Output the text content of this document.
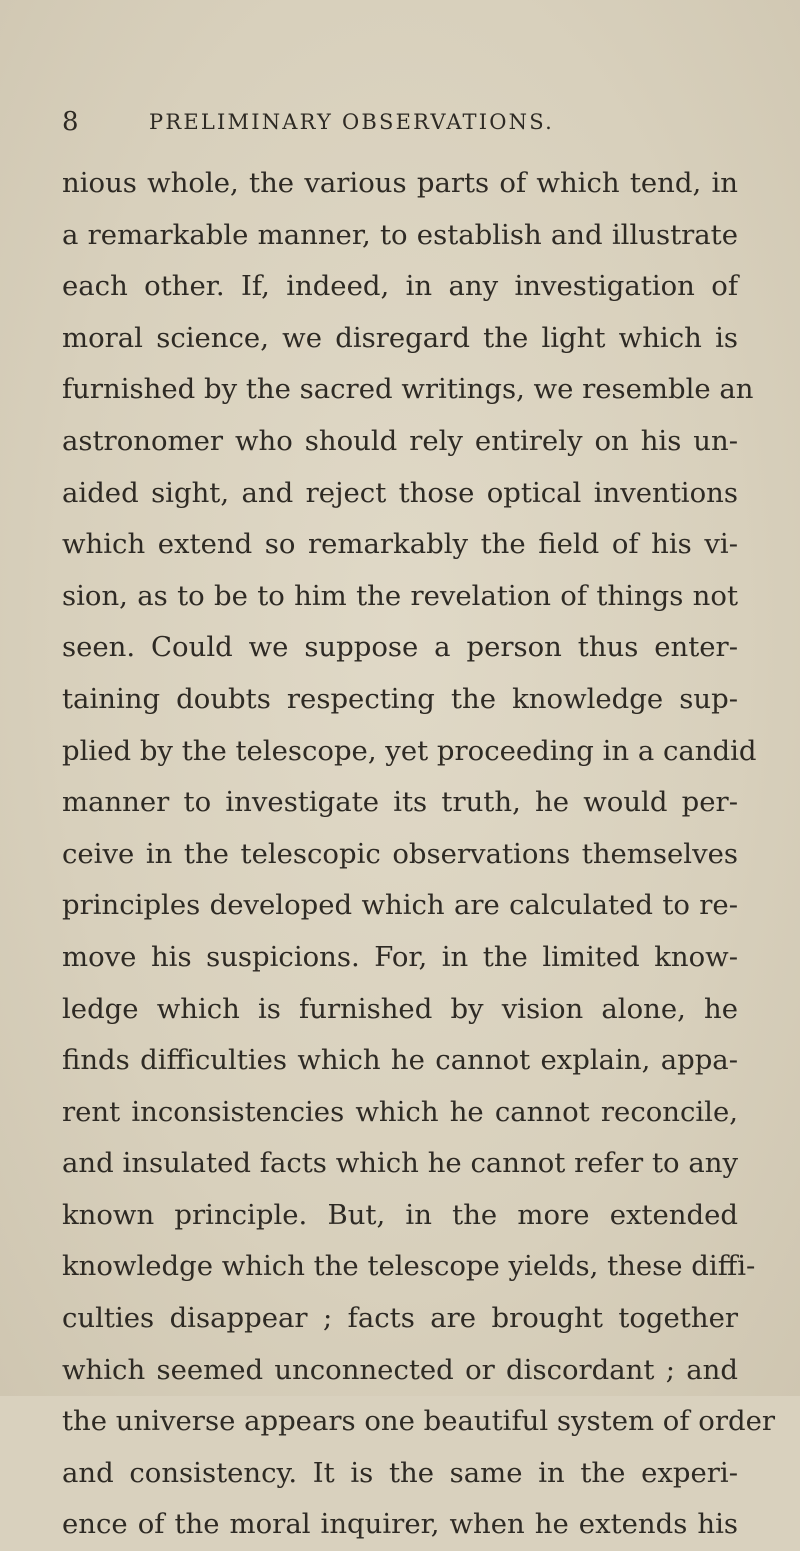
8	PRELIMINARY OBSERVATIONS.
nious whole, the various parts of which tend, in
a remarkable manner, to establish and illustrate
each other. If, indeed, in any investigation of
moral science, we disregard the light which is
furnished by the sacred writings, we resemble an
astronomer who should rely entirely on his un-
aided sight, and reject those optical inventions
which extend so remarkably the field of his vi-
sion, as to be to him the revelation of things not
seen. Could we suppose a person thus enter-
taining doubts respecting the knowledge sup-
plied by the telescope, yet proceeding in a candid
manner to investigate its truth, he would per-
ceive in the telescopic observations themselves
principles developed which are calculated to re-
move his suspicions. For, in the limited know-
ledge which is furnished by vision alone, he
finds difficulties which he cannot explain, appa-
rent inconsistencies which he cannot reconcile,
and insulated facts which he cannot refer to any
known principle. But, in the more extended
knowledge which the telescope yields, these diffi-
culties disappear ; facts are brought together
which seemed unconnected or discordant ; and
the universe appears one beautiful system of order
and consistency. It is the same in the experi-
ence of the moral inquirer, when he extends his
